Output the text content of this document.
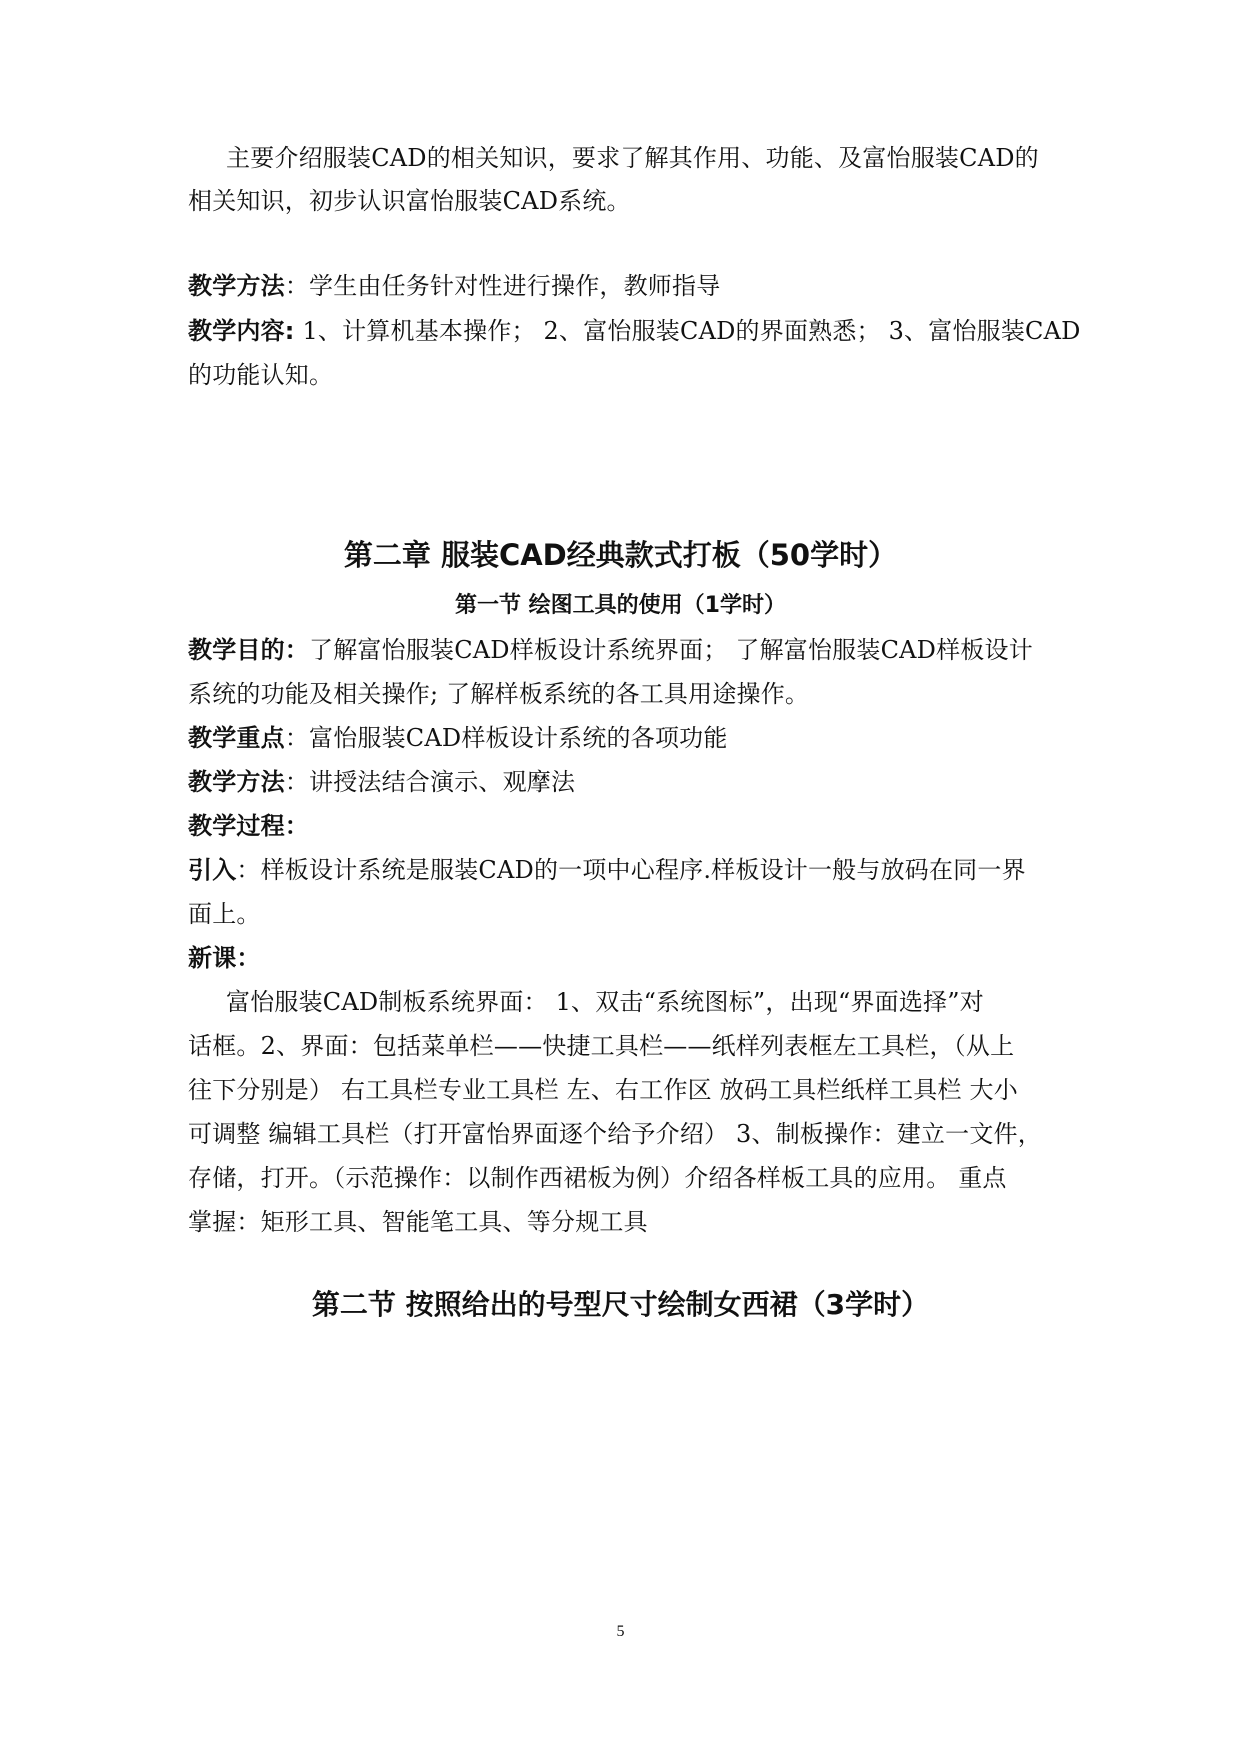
主要介绍服装CAD的相关知识，要求了解其作用、功能、及富怡服装CAD的
相关知识，初步认识富怡服装CAD系统。
教学方法：学生由任务针对性进行操作，教师指导
教学内容: 1、计算机基本操作； 2、富怡服装CAD的界面熟悉； 3、富怡服装CAD
的功能认知。
第二章 服装CAD经典款式打板（50学时）
第一节 绘图工具的使用（1学时）
教学目的：了解富怡服装CAD样板设计系统界面； 了解富怡服装CAD样板设计
系统的功能及相关操作; 了解样板系统的各工具用途操作。
教学重点：富怡服装CAD样板设计系统的各项功能
教学方法：讲授法结合演示、观摩法
教学过程：
引入：样板设计系统是服装CAD的一项中心程序.样板设计一般与放码在同一界
面上。
新课：
富怡服装CAD制板系统界面： 1、双击“系统图标”，出现“界面选择”对
话框。2、界面：包括菜单栏——快捷工具栏——纸样列表框左工具栏，（从上
往下分别是） 右工具栏专业工具栏 左、右工作区 放码工具栏纸样工具栏 大小
可调整 编辑工具栏（打开富怡界面逐个给予介绍） 3、制板操作：建立一文件，
存储，打开。（示范操作：以制作西裙板为例）介绍各样板工具的应用。 重点
掌握：矩形工具、智能笔工具、等分规工具
第二节 按照给出的号型尺寸绘制女西裙（3学时）
5
